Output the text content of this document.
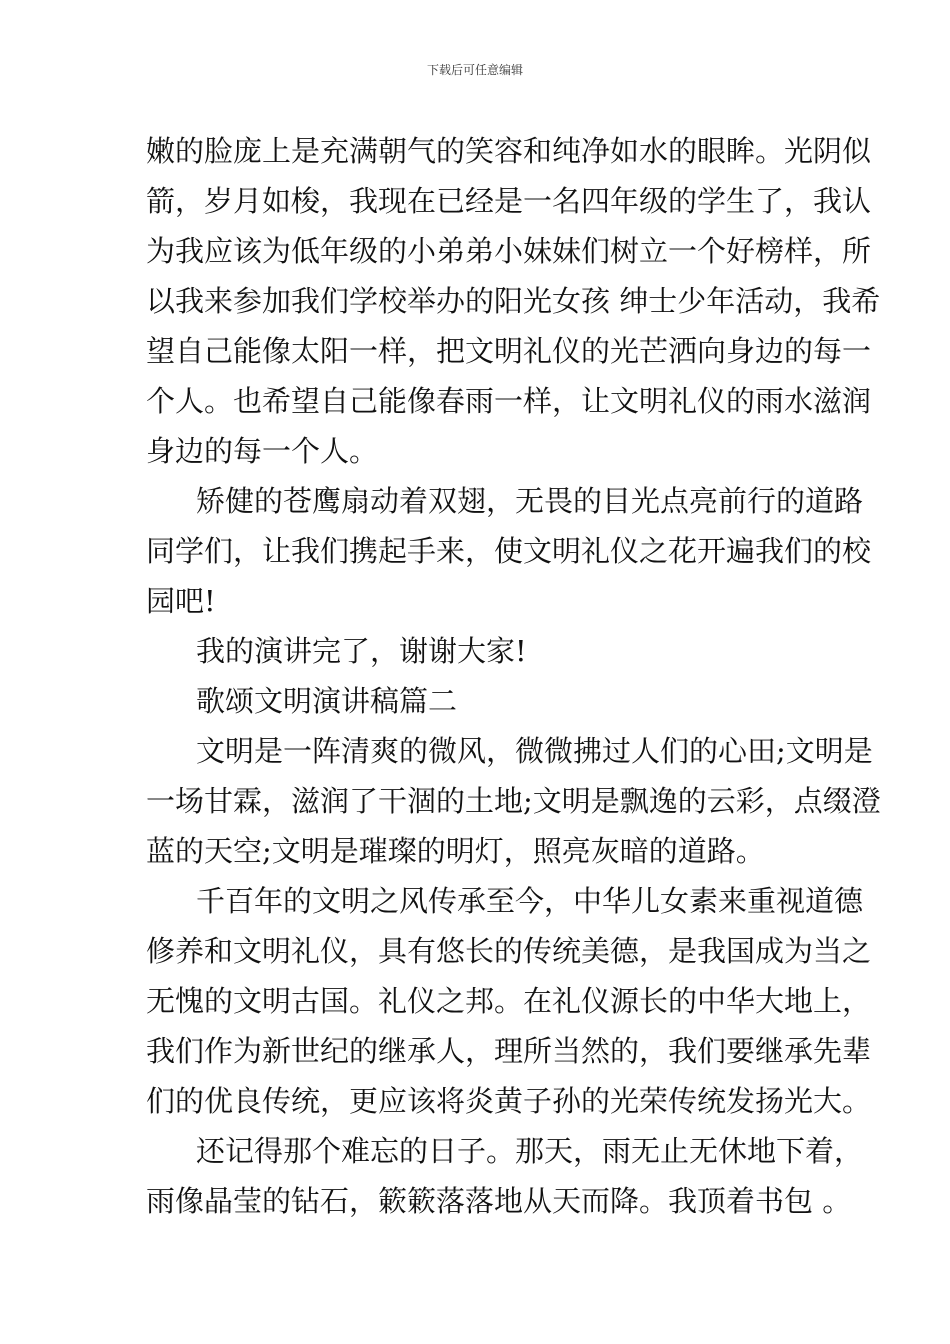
下载后可任意编辑
嫩的脸庞上是充满朝气的笑容和纯净如水的眼眸。光阴似
箭，岁月如梭，我现在已经是一名四年级的学生了，我认
为我应该为低年级的小弟弟小妹妹们树立一个好榜样，所
以我来参加我们学校举办的阳光女孩 绅士少年活动，我希
望自己能像太阳一样，把文明礼仪的光芒洒向身边的每一
个人。也希望自己能像春雨一样，让文明礼仪的雨水滋润
身边的每一个人。
矫健的苍鹰扇动着双翅，无畏的目光点亮前行的道路
同学们，让我们携起手来，使文明礼仪之花开遍我们的校
园吧!
我的演讲完了，谢谢大家!
歌颂文明演讲稿篇二
文明是一阵清爽的微风，微微拂过人们的心田;文明是
一场甘霖，滋润了干涸的土地;文明是飘逸的云彩，点缀澄
蓝的天空;文明是璀璨的明灯，照亮灰暗的道路。
千百年的文明之风传承至今，中华儿女素来重视道德
修养和文明礼仪，具有悠长的传统美德，是我国成为当之
无愧的文明古国。礼仪之邦。在礼仪源长的中华大地上，
我们作为新世纪的继承人，理所当然的，我们要继承先辈
们的优良传统，更应该将炎黄子孙的光荣传统发扬光大。
还记得那个难忘的日子。那天，雨无止无休地下着，
雨像晶莹的钻石，簌簌落落地从天而降。我顶着书包 。
